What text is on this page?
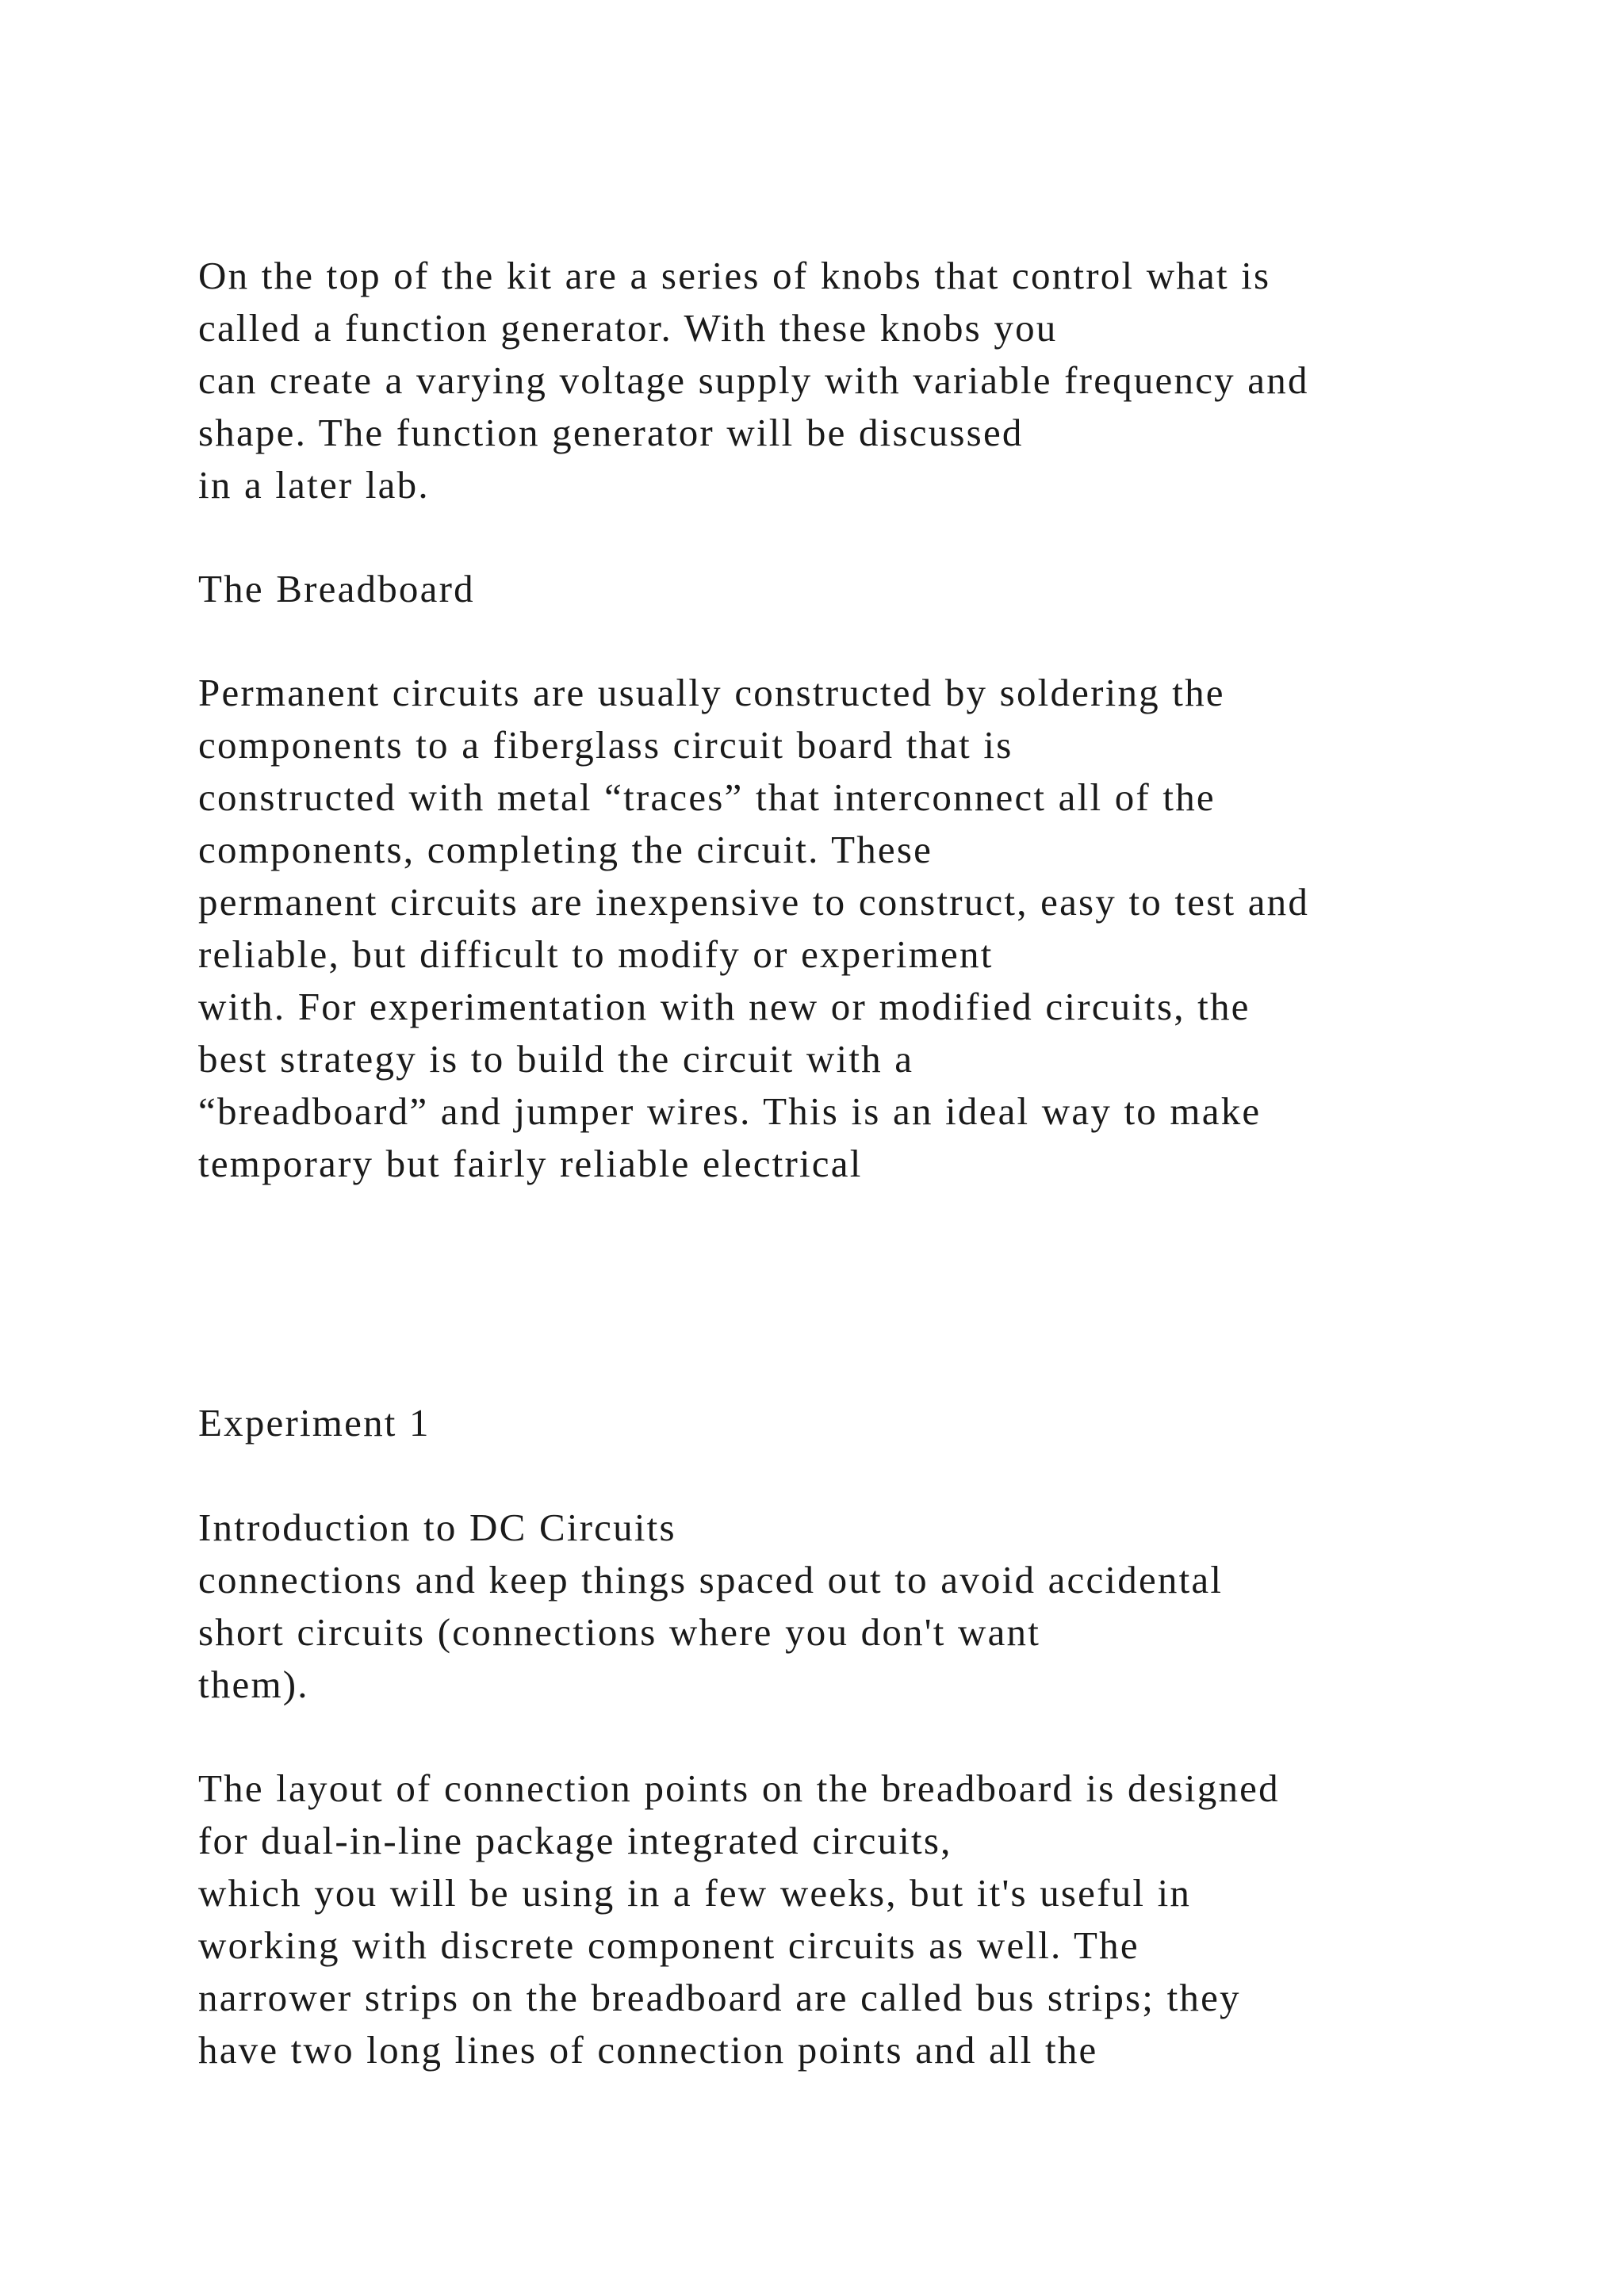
On the top of the kit are a series of knobs that control what is
called a function generator. With these knobs you
can create a varying voltage supply with variable frequency and
shape. The function generator will be discussed
in a later lab.
The Breadboard
Permanent circuits are usually constructed by soldering the
components to a fiberglass circuit board that is
constructed with metal “traces” that interconnect all of the
components, completing the circuit. These
permanent circuits are inexpensive to construct, easy to test and
reliable, but difficult to modify or experiment
with. For experimentation with new or modified circuits, the
best strategy is to build the circuit with a
“breadboard” and jumper wires. This is an ideal way to make
temporary but fairly reliable electrical
Experiment 1
Introduction to DC Circuits
connections and keep things spaced out to avoid accidental
short circuits (connections where you don't want
them).
The layout of connection points on the breadboard is designed
for dual-in-line package integrated circuits,
which you will be using in a few weeks, but it's useful in
working with discrete component circuits as well. The
narrower strips on the breadboard are called bus strips; they
have two long lines of connection points and all the
